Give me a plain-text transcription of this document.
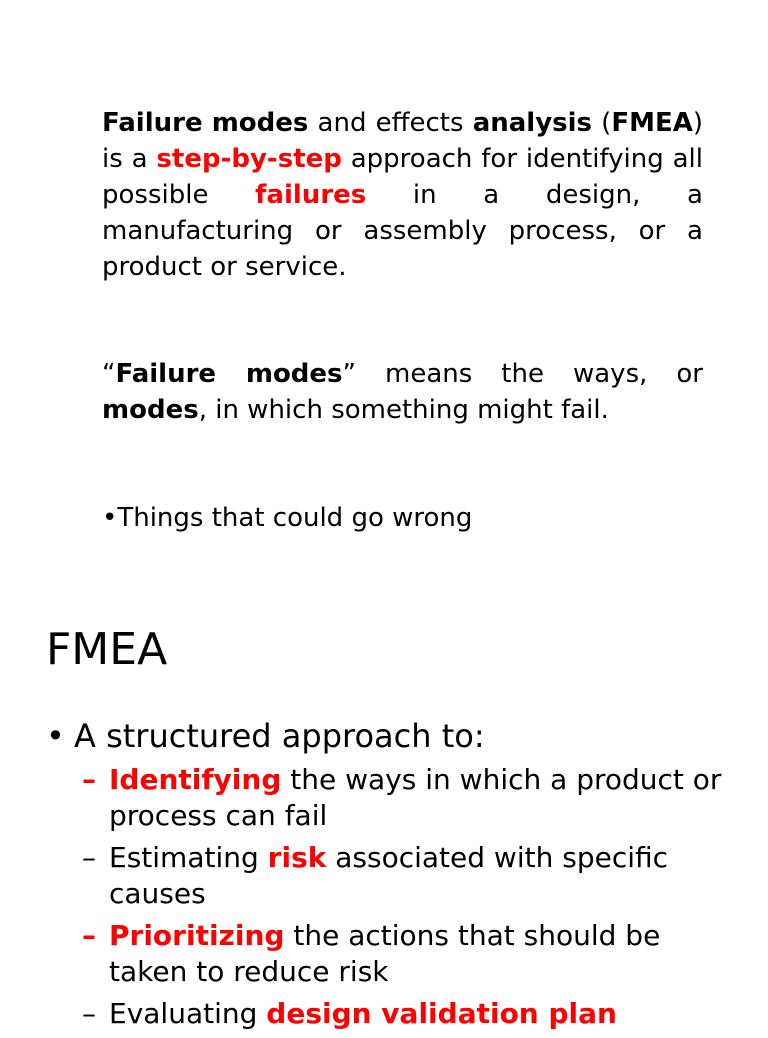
Failure modes and effects analysis (FMEA) is a step-by-step approach for identifying all possible failures in a design, a manufacturing or assembly process, or a product or service.
“Failure modes” means the ways, or modes, in which something might fail.
•Things that could go wrong
FMEA
• A structured approach to:
– Identifying the ways in which a product or process can fail
– Estimating risk associated with specific causes
– Prioritizing the actions that should be taken to reduce risk
– Evaluating design validation plan
